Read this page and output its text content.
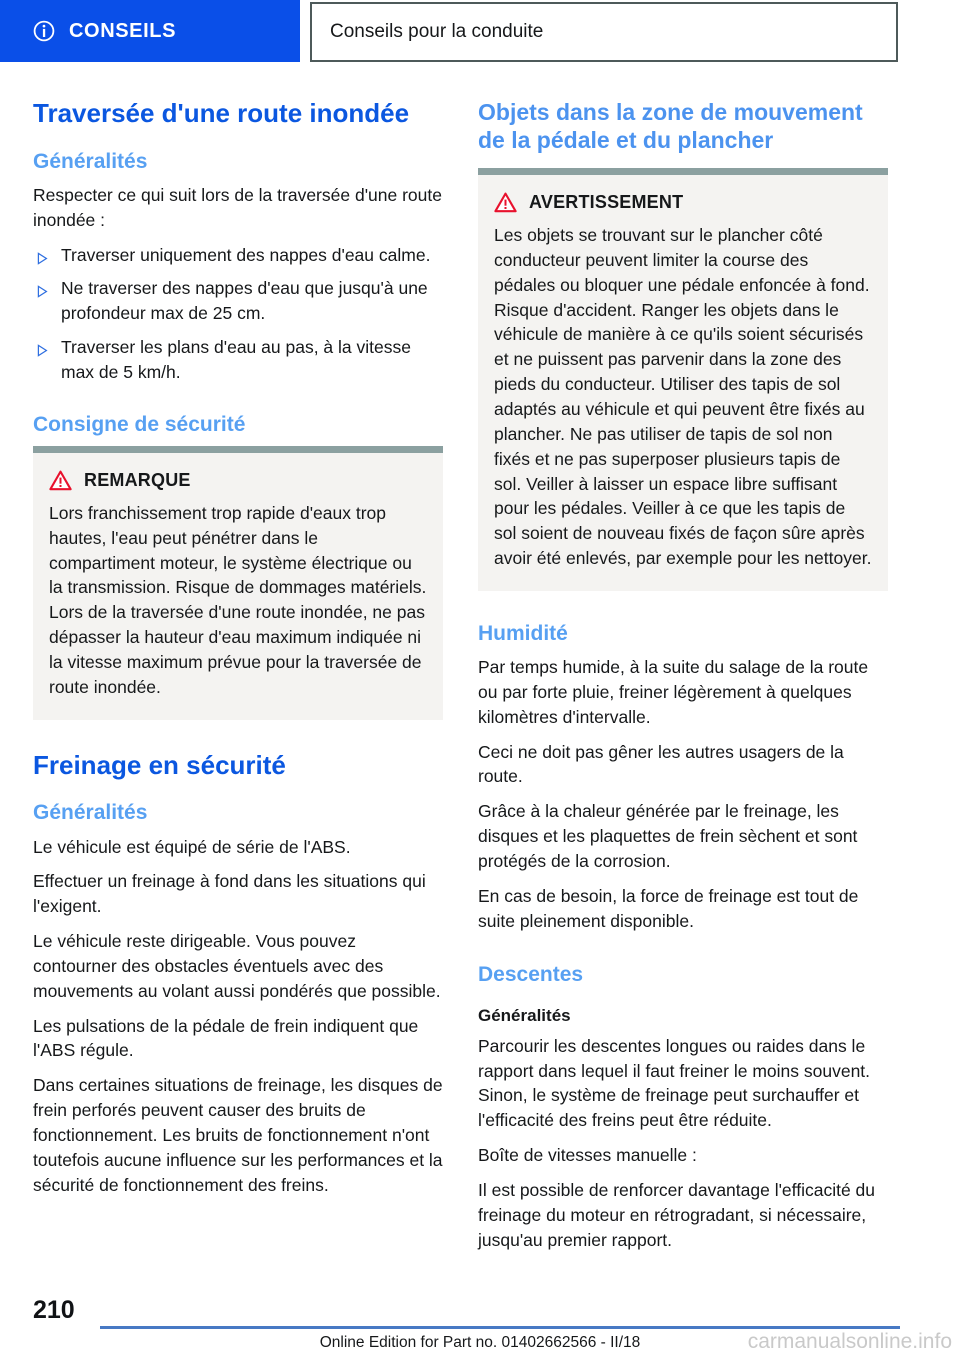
CONSEILS	Conseils pour la conduite
Traversée d'une route inondée
Généralités

Respecter ce qui suit lors de la traversée d'une route inondée :

Traverser uniquement des nappes d'eau calme.
Ne traverser des nappes d'eau que jusqu'à une profondeur max de 25 cm.
Traverser les plans d'eau au pas, à la vitesse max de 5 km/h.
Consigne de sécurité
REMARQUE
Lors franchissement trop rapide d'eaux trop hautes, l'eau peut pénétrer dans le compartiment moteur, le système électrique ou la transmission. Risque de dommages matériels. Lors de la traversée d'une route inondée, ne pas dépasser la hauteur d'eau maximum indiquée ni la vitesse maximum prévue pour la traversée de route inondée.
Freinage en sécurité
Généralités

Le véhicule est équipé de série de l'ABS.

Effectuer un freinage à fond dans les situations qui l'exigent.

Le véhicule reste dirigeable. Vous pouvez contourner des obstacles éventuels avec des mouvements au volant aussi pondérés que possible.

Les pulsations de la pédale de frein indiquent que l'ABS régule.

Dans certaines situations de freinage, les disques de frein perforés peuvent causer des bruits de fonctionnement. Les bruits de fonctionnement n'ont toutefois aucune influence sur les performances et la sécurité de fonctionnement des freins.

Objets dans la zone de mouvement de la pédale et du plancher
AVERTISSEMENT
Les objets se trouvant sur le plancher côté conducteur peuvent limiter la course des pédales ou bloquer une pédale enfoncée à fond. Risque d'accident. Ranger les objets dans le véhicule de manière à ce qu'ils soient sécurisés et ne puissent pas parvenir dans la zone des pieds du conducteur. Utiliser des tapis de sol adaptés au véhicule et qui peuvent être fixés au plancher. Ne pas utiliser de tapis de sol non fixés et ne pas superposer plusieurs tapis de sol. Veiller à laisser un espace libre suffisant pour les pédales. Veiller à ce que les tapis de sol soient de nouveau fixés de façon sûre après avoir été enlevés, par exemple pour les nettoyer.
Humidité

Par temps humide, à la suite du salage de la route ou par forte pluie, freiner légèrement à quelques kilomètres d'intervalle.

Ceci ne doit pas gêner les autres usagers de la route.

Grâce à la chaleur générée par le freinage, les disques et les plaquettes de frein sèchent et sont protégés de la corrosion.

En cas de besoin, la force de freinage est tout de suite pleinement disponible.

Descentes
Généralités

Parcourir les descentes longues ou raides dans le rapport dans lequel il faut freiner le moins souvent. Sinon, le système de freinage peut surchauffer et l'efficacité des freins peut être réduite.

Boîte de vitesses manuelle :

Il est possible de renforcer davantage l'efficacité du freinage du moteur en rétrogradant, si nécessaire, jusqu'au premier rapport.

210
Online Edition for Part no. 01402662566 - II/18	carmanualsonline.info
